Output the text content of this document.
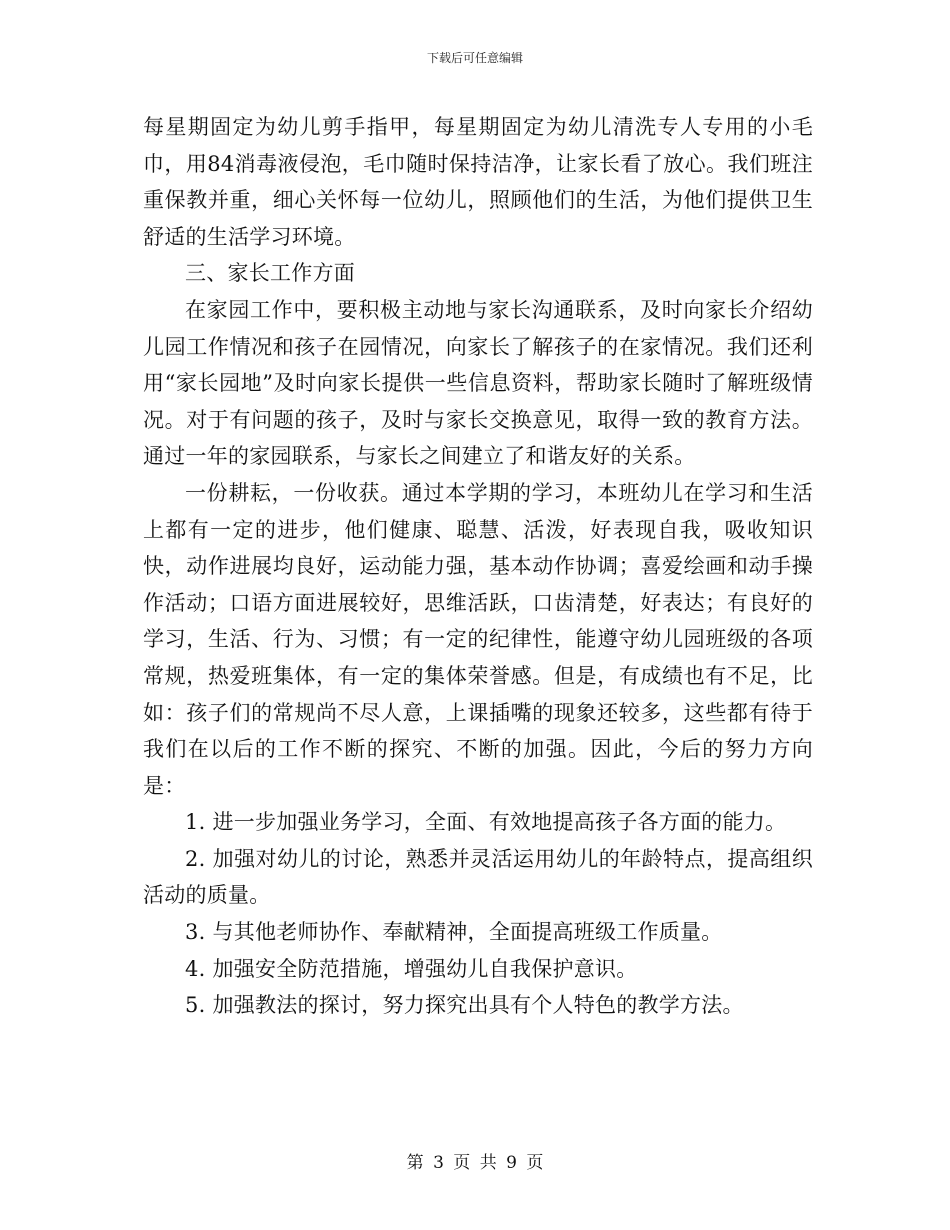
下载后可任意编辑

每星期固定为幼儿剪手指甲，每星期固定为幼儿清洗专人专用的小毛巾，用84消毒液侵泡，毛巾随时保持洁净，让家长看了放心。我们班注重保教并重，细心关怀每一位幼儿，照顾他们的生活，为他们提供卫生舒适的生活学习环境。

三、家长工作方面

在家园工作中，要积极主动地与家长沟通联系，及时向家长介绍幼儿园工作情况和孩子在园情况，向家长了解孩子的在家情况。我们还利用“家长园地”及时向家长提供一些信息资料，帮助家长随时了解班级情况。对于有问题的孩子，及时与家长交换意见，取得一致的教育方法。通过一年的家园联系，与家长之间建立了和谐友好的关系。

一份耕耘，一份收获。通过本学期的学习，本班幼儿在学习和生活上都有一定的进步，他们健康、聪慧、活泼，好表现自我，吸收知识快，动作进展均良好，运动能力强，基本动作协调；喜爱绘画和动手操作活动；口语方面进展较好，思维活跃，口齿清楚，好表达；有良好的学习，生活、行为、习惯；有一定的纪律性，能遵守幼儿园班级的各项常规，热爱班集体，有一定的集体荣誉感。但是，有成绩也有不足，比如：孩子们的常规尚不尽人意，上课插嘴的现象还较多，这些都有待于我们在以后的工作不断的探究、不断的加强。因此，今后的努力方向是：

1. 进一步加强业务学习，全面、有效地提高孩子各方面的能力。

2. 加强对幼儿的讨论，熟悉并灵活运用幼儿的年龄特点，提高组织活动的质量。

3. 与其他老师协作、奉献精神，全面提高班级工作质量。

4. 加强安全防范措施，增强幼儿自我保护意识。

5. 加强教法的探讨，努力探究出具有个人特色的教学方法。

第 3 页 共 9 页
